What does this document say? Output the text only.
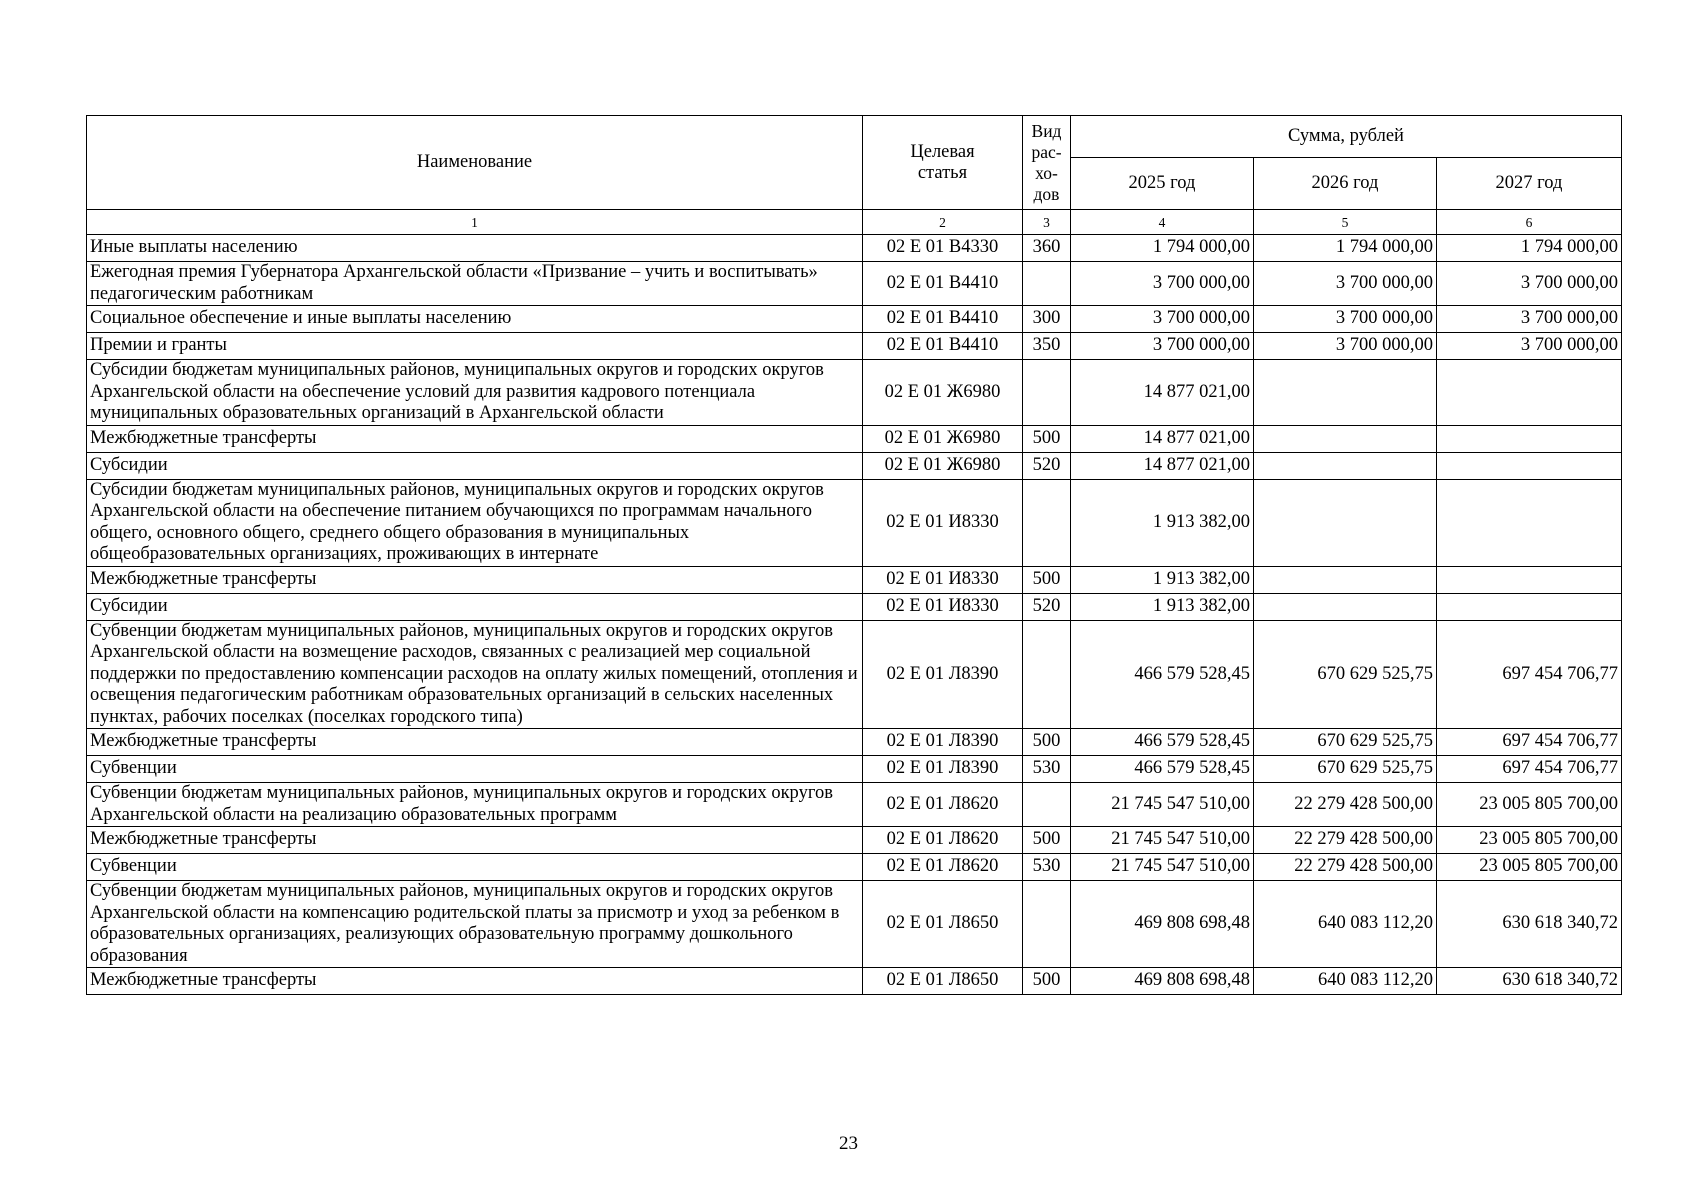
Наименование	Целевая статья	Вид рас-хо-дов	Сумма, рублей		
			2025 год	2026 год	2027 год
1	2	3	4	5	6
Иные выплаты населению	02 Е 01 В4330	360	1 794 000,00	1 794 000,00	1 794 000,00
Ежегодная премия Губернатора Архангельской области «Призвание – учить и воспитывать» педагогическим работникам	02 Е 01 В4410		3 700 000,00	3 700 000,00	3 700 000,00
Социальное обеспечение и иные выплаты населению	02 Е 01 В4410	300	3 700 000,00	3 700 000,00	3 700 000,00
Премии и гранты	02 Е 01 В4410	350	3 700 000,00	3 700 000,00	3 700 000,00
Субсидии бюджетам муниципальных районов, муниципальных округов и городских округов Архангельской области на обеспечение условий для развития кадрового потенциала муниципальных образовательных организаций в Архангельской области	02 Е 01 Ж6980		14 877 021,00		
Межбюджетные трансферты	02 Е 01 Ж6980	500	14 877 021,00		
Субсидии	02 Е 01 Ж6980	520	14 877 021,00		
Субсидии бюджетам муниципальных районов, муниципальных округов и городских округов Архангельской области на обеспечение питанием обучающихся по программам начального общего, основного общего, среднего общего образования в муниципальных общеобразовательных организациях, проживающих в интернате	02 Е 01 И8330		1 913 382,00		
Межбюджетные трансферты	02 Е 01 И8330	500	1 913 382,00		
Субсидии	02 Е 01 И8330	520	1 913 382,00		
Субвенции бюджетам муниципальных районов, муниципальных округов и городских округов Архангельской области на возмещение расходов, связанных с реализацией мер социальной поддержки по предоставлению компенсации расходов на оплату жилых помещений, отопления и освещения педагогическим работникам образовательных организаций в сельских населенных пунктах, рабочих поселках (поселках городского типа)	02 Е 01 Л8390		466 579 528,45	670 629 525,75	697 454 706,77
Межбюджетные трансферты	02 Е 01 Л8390	500	466 579 528,45	670 629 525,75	697 454 706,77
Субвенции	02 Е 01 Л8390	530	466 579 528,45	670 629 525,75	697 454 706,77
Субвенции бюджетам муниципальных районов, муниципальных округов и городских округов Архангельской области на реализацию образовательных программ	02 Е 01 Л8620		21 745 547 510,00	22 279 428 500,00	23 005 805 700,00
Межбюджетные трансферты	02 Е 01 Л8620	500	21 745 547 510,00	22 279 428 500,00	23 005 805 700,00
Субвенции	02 Е 01 Л8620	530	21 745 547 510,00	22 279 428 500,00	23 005 805 700,00
Субвенции бюджетам муниципальных районов, муниципальных округов и городских округов Архангельской области на компенсацию родительской платы за присмотр и уход за ребенком в образовательных организациях, реализующих образовательную программу дошкольного образования	02 Е 01 Л8650		469 808 698,48	640 083 112,20	630 618 340,72
Межбюджетные трансферты	02 Е 01 Л8650	500	469 808 698,48	640 083 112,20	630 618 340,72
23
